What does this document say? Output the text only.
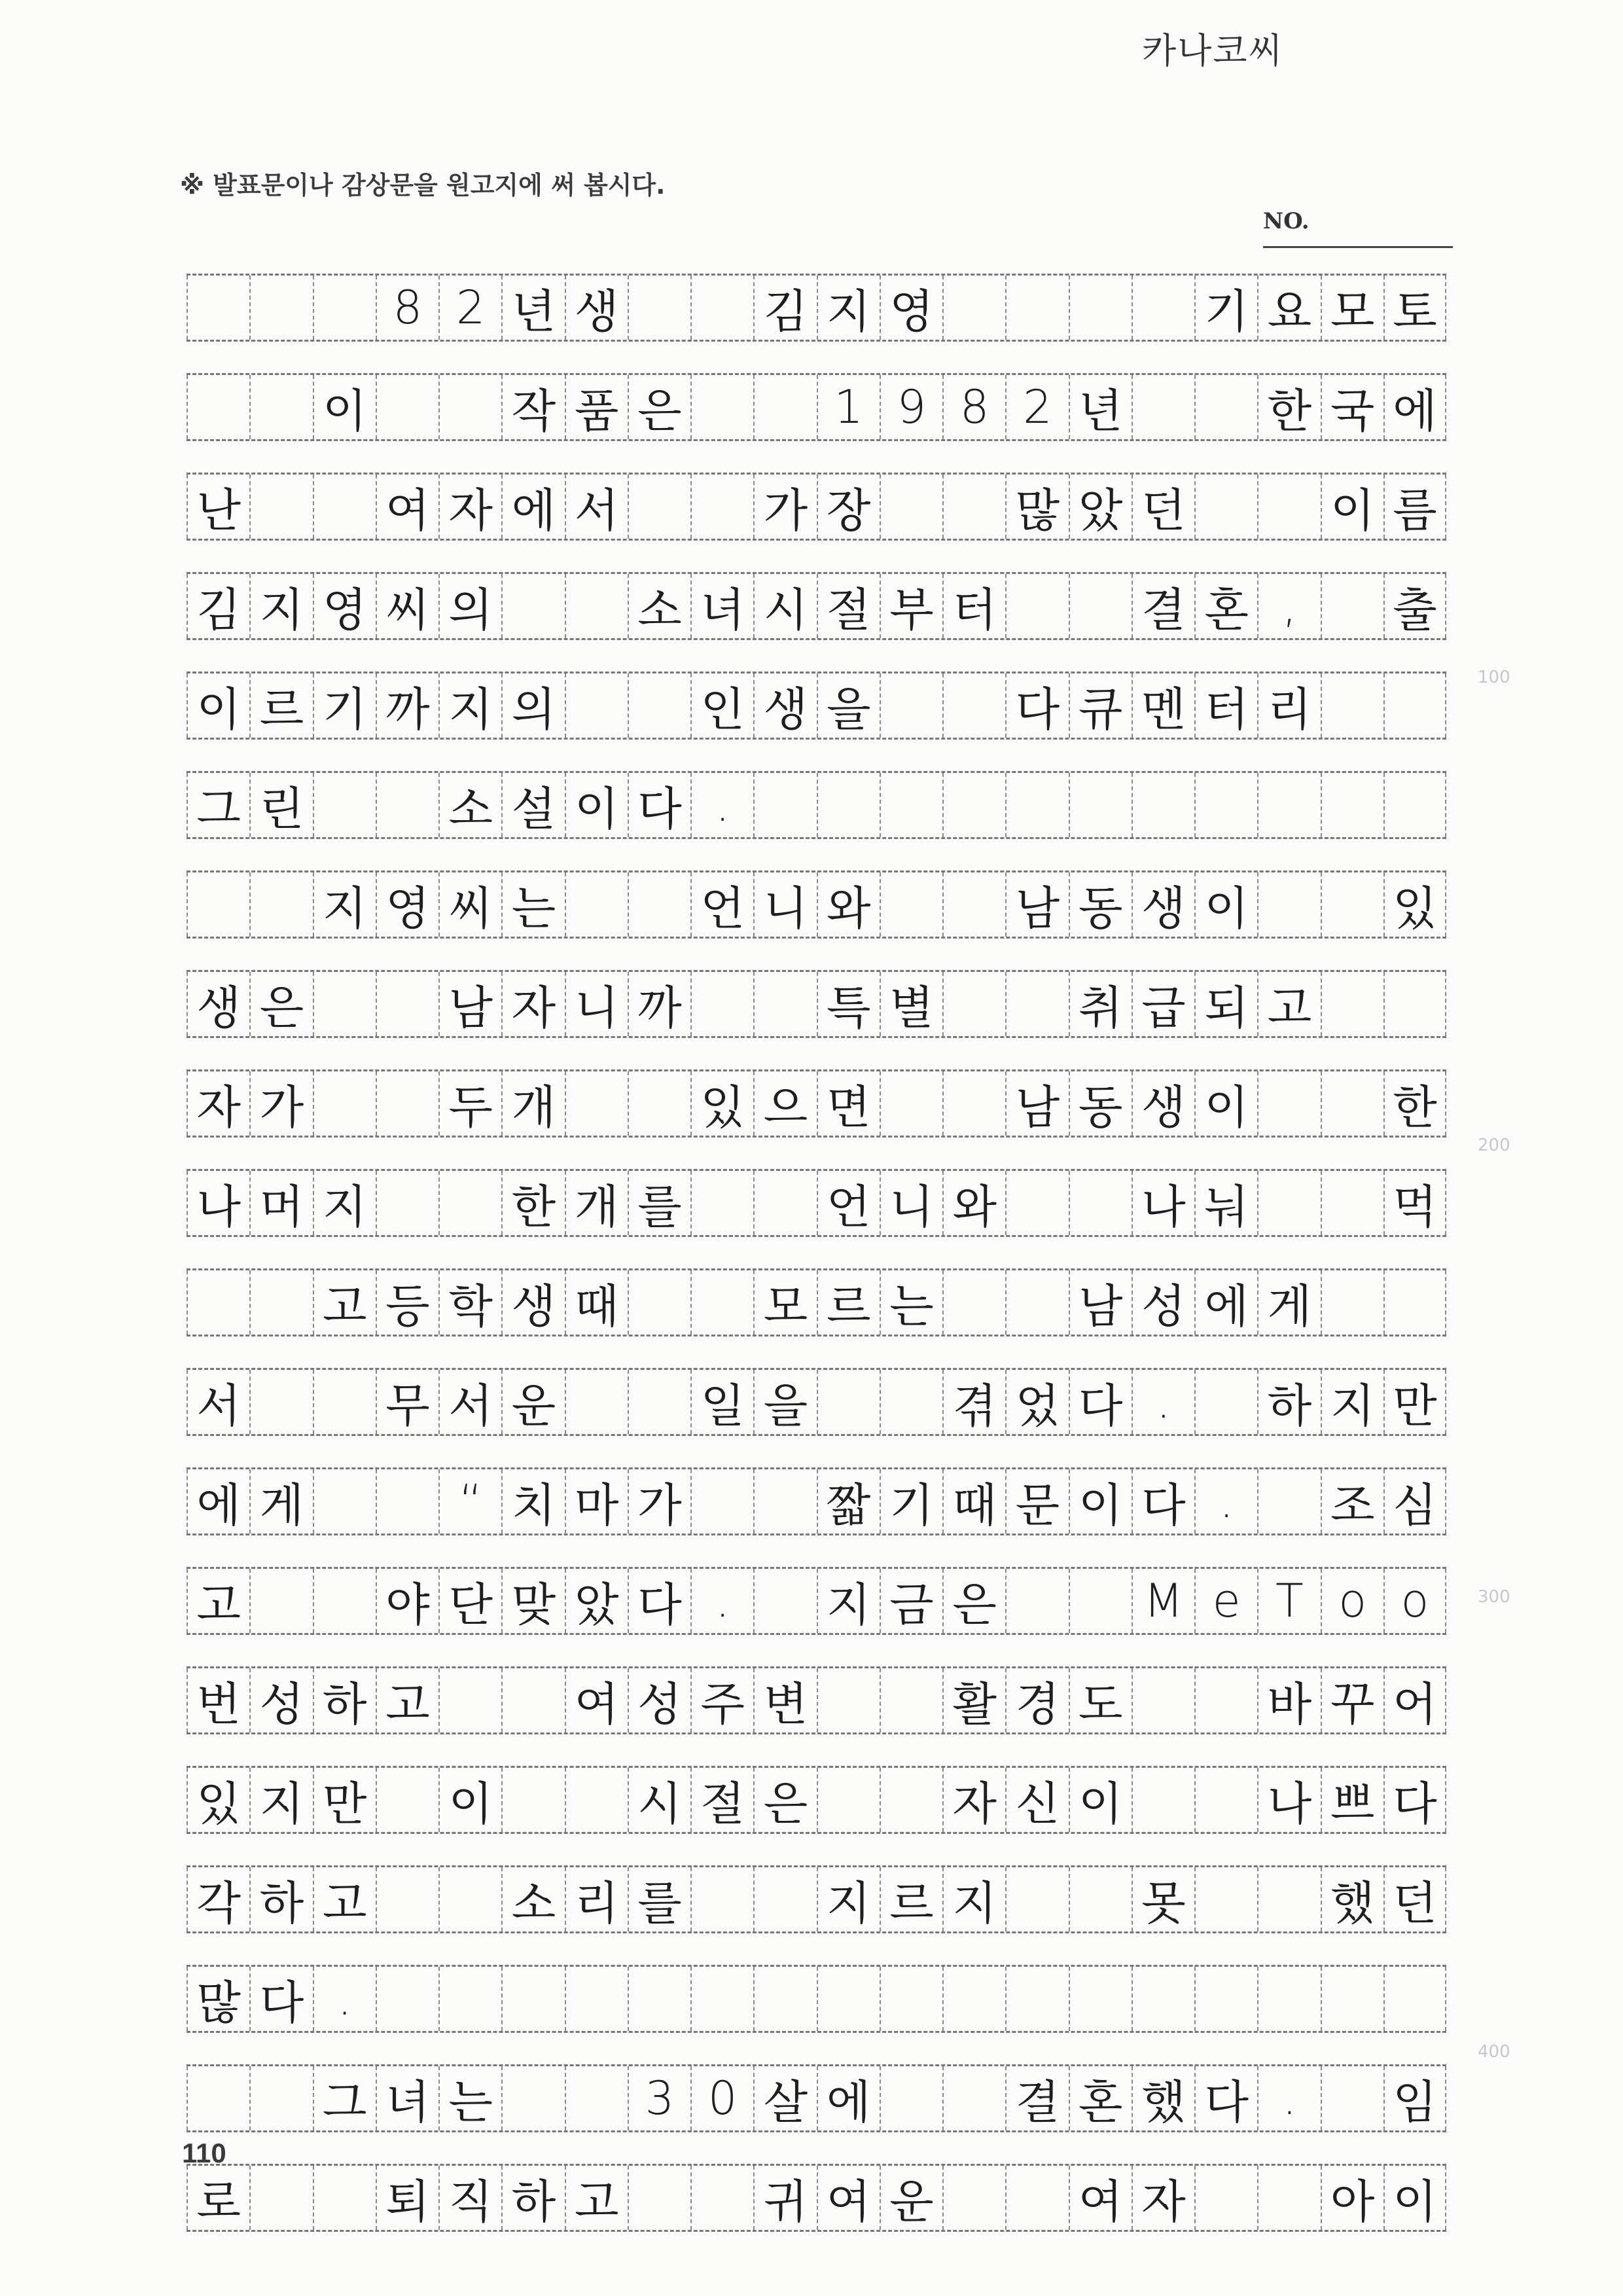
카나코씨
※ 발표문이나 감상문을 원고지에 써 봅시다.
NO.
8 2 년 생	김 지 영	기 요 모 토
이	작 품 은	1 9 8 2 년	한 국 에
난	여 자 에 서	가 장	많 았 던	이 름
김 지 영 씨 의	소 녀 시 절 부 터	결 혼 ,	출
이 르 기 까 지 의	인 생 을	다 큐 멘 터 리
그 린	소 설 이 다 .
지 영 씨 는	언 니 와	남 동 생 이	있
생 은	남 자 니 까	특 별	취 급 되 고
자 가	두 개	있 으 면	남 동 생 이	한
나 머 지	한 개 를	언 니 와	나 눠	먹
고 등 학 생 때	모 르 는	남 성 에 게
서	무 서 운	일 을	겪 었 다 .	하 지 만
에 게	“ 치 마 가	짧 기 때 문 이 다 .	조 심
고	야 단 맞 았 다 .	지 금 은	M e T o o
번 성 하 고	여 성 주 변	활 경 도	바 꾸 어
있 지 만 이	시 절 은	자 신 이	나 쁘 다
각 하 고	소 리 를	지 르 지	못	했 던
많 다 .
그 녀 는	3 0 살 에	결 혼 했 다 .	임
로	퇴 직 하 고	귀 여 운	여 자	아 이
100
200
300
400
110
